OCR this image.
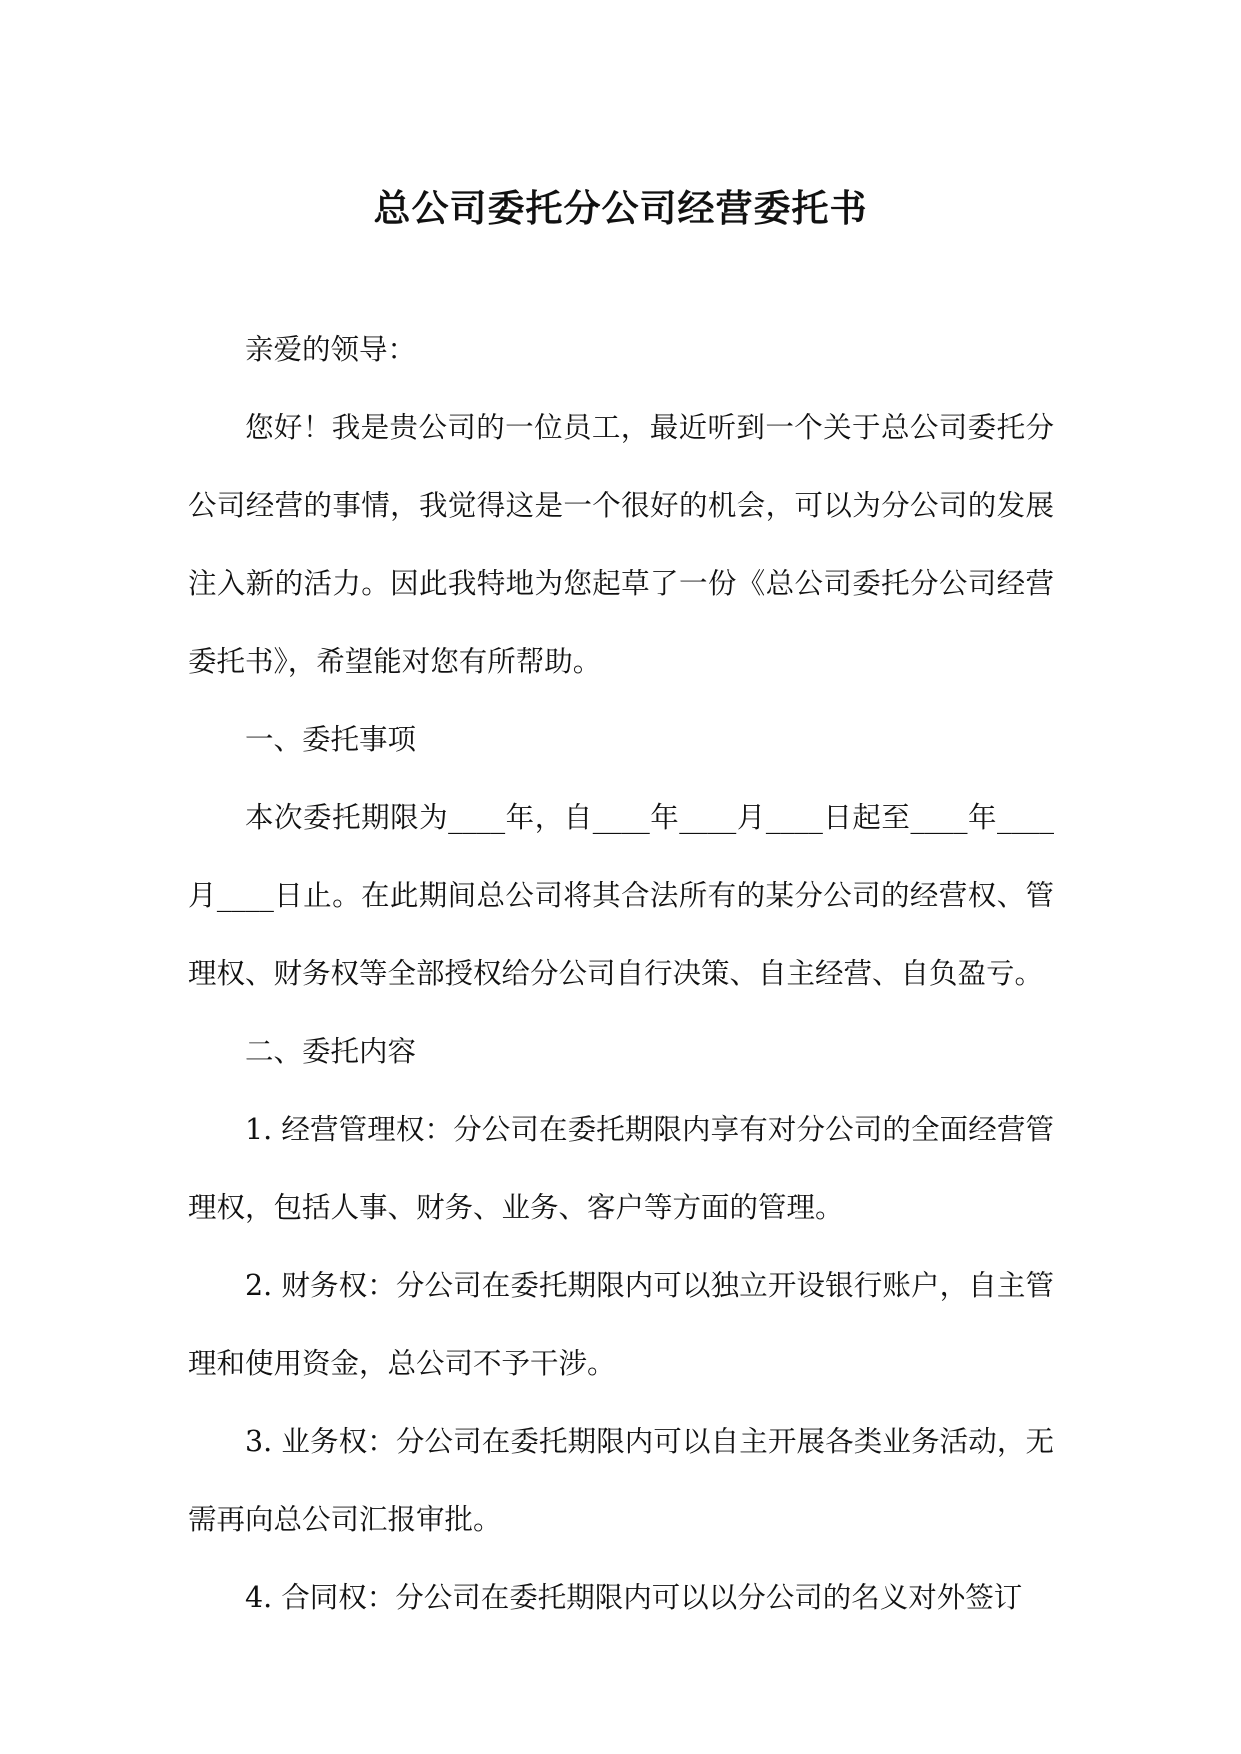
总公司委托分公司经营委托书

亲爱的领导：

您好！我是贵公司的一位员工，最近听到一个关于总公司委托分公司经营的事情，我觉得这是一个很好的机会，可以为分公司的发展注入新的活力。因此我特地为您起草了一份《总公司委托分公司经营委托书》，希望能对您有所帮助。

一、委托事项

本次委托期限为____年，自____年____月____日起至____年____月____日止。在此期间总公司将其合法所有的某分公司的经营权、管理权、财务权等全部授权给分公司自行决策、自主经营、自负盈亏。

二、委托内容

1. 经营管理权：分公司在委托期限内享有对分公司的全面经营管理权，包括人事、财务、业务、客户等方面的管理。

2. 财务权：分公司在委托期限内可以独立开设银行账户，自主管理和使用资金，总公司不予干涉。

3. 业务权：分公司在委托期限内可以自主开展各类业务活动，无需再向总公司汇报审批。

4. 合同权：分公司在委托期限内可以以分公司的名义对外签订
